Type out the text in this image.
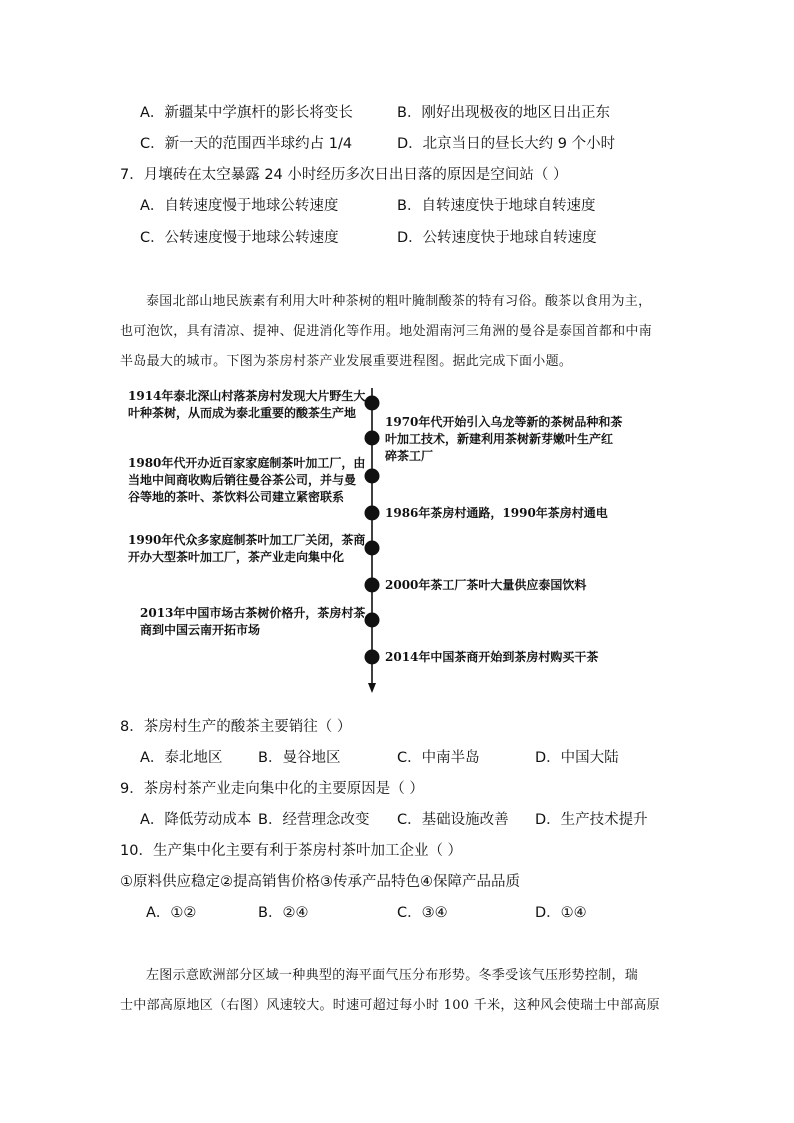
A．新疆某中学旗杆的影长将变长	B．刚好出现极夜的地区日出正东
C．新一天的范围西半球约占 1/4	D．北京当日的昼长大约 9 个小时
7．月壤砖在太空暴露 24 小时经历多次日出日落的原因是空间站（ ）
A．自转速度慢于地球公转速度	B．自转速度快于地球自转速度
C．公转速度慢于地球公转速度	D．公转速度快于地球自转速度
泰国北部山地民族素有利用大叶种茶树的粗叶腌制酸茶的特有习俗。酸茶以食用为主，
也可泡饮，具有清凉、提神、促进消化等作用。地处湄南河三角洲的曼谷是泰国首都和中南
半岛最大的城市。下图为茶房村茶产业发展重要进程图。据此完成下面小题。
1914年泰北深山村落茶房村发现大片野生大
叶种茶树，从而成为泰北重要的酸茶生产地
1980年代开办近百家家庭制茶叶加工厂，由
当地中间商收购后销往曼谷茶公司，并与曼
谷等地的茶叶、茶饮料公司建立紧密联系
1990年代众多家庭制茶叶加工厂关闭，茶商
开办大型茶叶加工厂，茶产业走向集中化
2013年中国市场古茶树价格升，茶房村茶
商到中国云南开拓市场
1970年代开始引入乌龙等新的茶树品种和茶
叶加工技术，新建利用茶树新芽嫩叶生产红
碎茶工厂
1986年茶房村通路，1990年茶房村通电
2000年茶工厂茶叶大量供应泰国饮料
2014年中国茶商开始到茶房村购买干茶
8．茶房村生产的酸茶主要销往（ ）
A．泰北地区 B．曼谷地区	C．中南半岛	D．中国大陆
9．茶房村茶产业走向集中化的主要原因是（ ）
A．降低劳动成本 B．经营理念改变 C．基础设施改善 D．生产技术提升
10．生产集中化主要有利于茶房村茶叶加工企业（ ）
①原料供应稳定②提高销售价格③传承产品特色④保障产品品质
A．①②	B．②④	C．③④	D．①④
左图示意欧洲部分区域一种典型的海平面气压分布形势。冬季受该气压形势控制，瑞
士中部高原地区（右图）风速较大。时速可超过每小时 100 千米，这种风会使瑞士中部高原
